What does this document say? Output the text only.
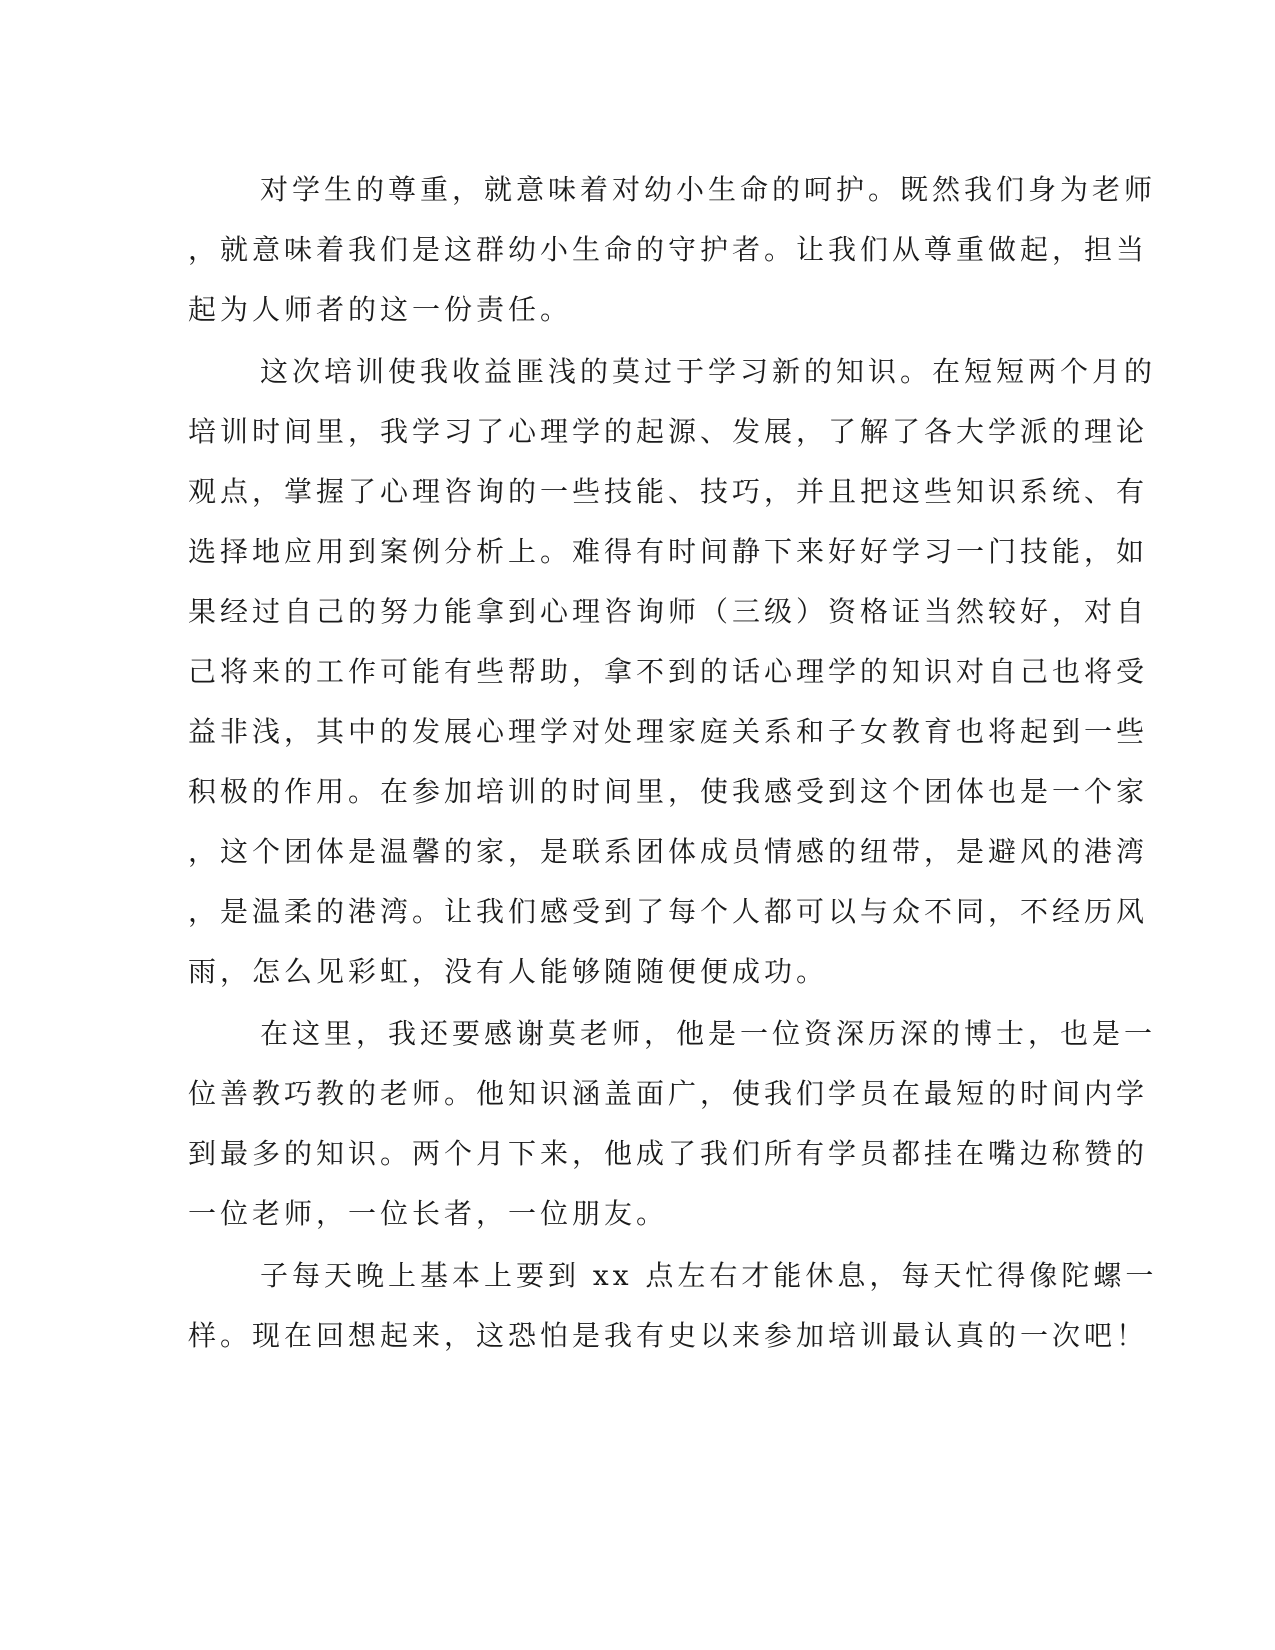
对学生的尊重，就意味着对幼小生命的呵护。既然我们身为老师
，就意味着我们是这群幼小生命的守护者。让我们从尊重做起，担当
起为人师者的这一份责任。
这次培训使我收益匪浅的莫过于学习新的知识。在短短两个月的
培训时间里，我学习了心理学的起源、发展，了解了各大学派的理论
观点，掌握了心理咨询的一些技能、技巧，并且把这些知识系统、有
选择地应用到案例分析上。难得有时间静下来好好学习一门技能，如
果经过自己的努力能拿到心理咨询师（三级）资格证当然较好，对自
己将来的工作可能有些帮助，拿不到的话心理学的知识对自己也将受
益非浅，其中的发展心理学对处理家庭关系和子女教育也将起到一些
积极的作用。在参加培训的时间里，使我感受到这个团体也是一个家
，这个团体是温馨的家，是联系团体成员情感的纽带，是避风的港湾
，是温柔的港湾。让我们感受到了每个人都可以与众不同，不经历风
雨，怎么见彩虹，没有人能够随随便便成功。
在这里，我还要感谢莫老师，他是一位资深历深的博士，也是一
位善教巧教的老师。他知识涵盖面广，使我们学员在最短的时间内学
到最多的知识。两个月下来，他成了我们所有学员都挂在嘴边称赞的
一位老师，一位长者，一位朋友。
子每天晚上基本上要到 xx 点左右才能休息，每天忙得像陀螺一
样。现在回想起来，这恐怕是我有史以来参加培训最认真的一次吧！
